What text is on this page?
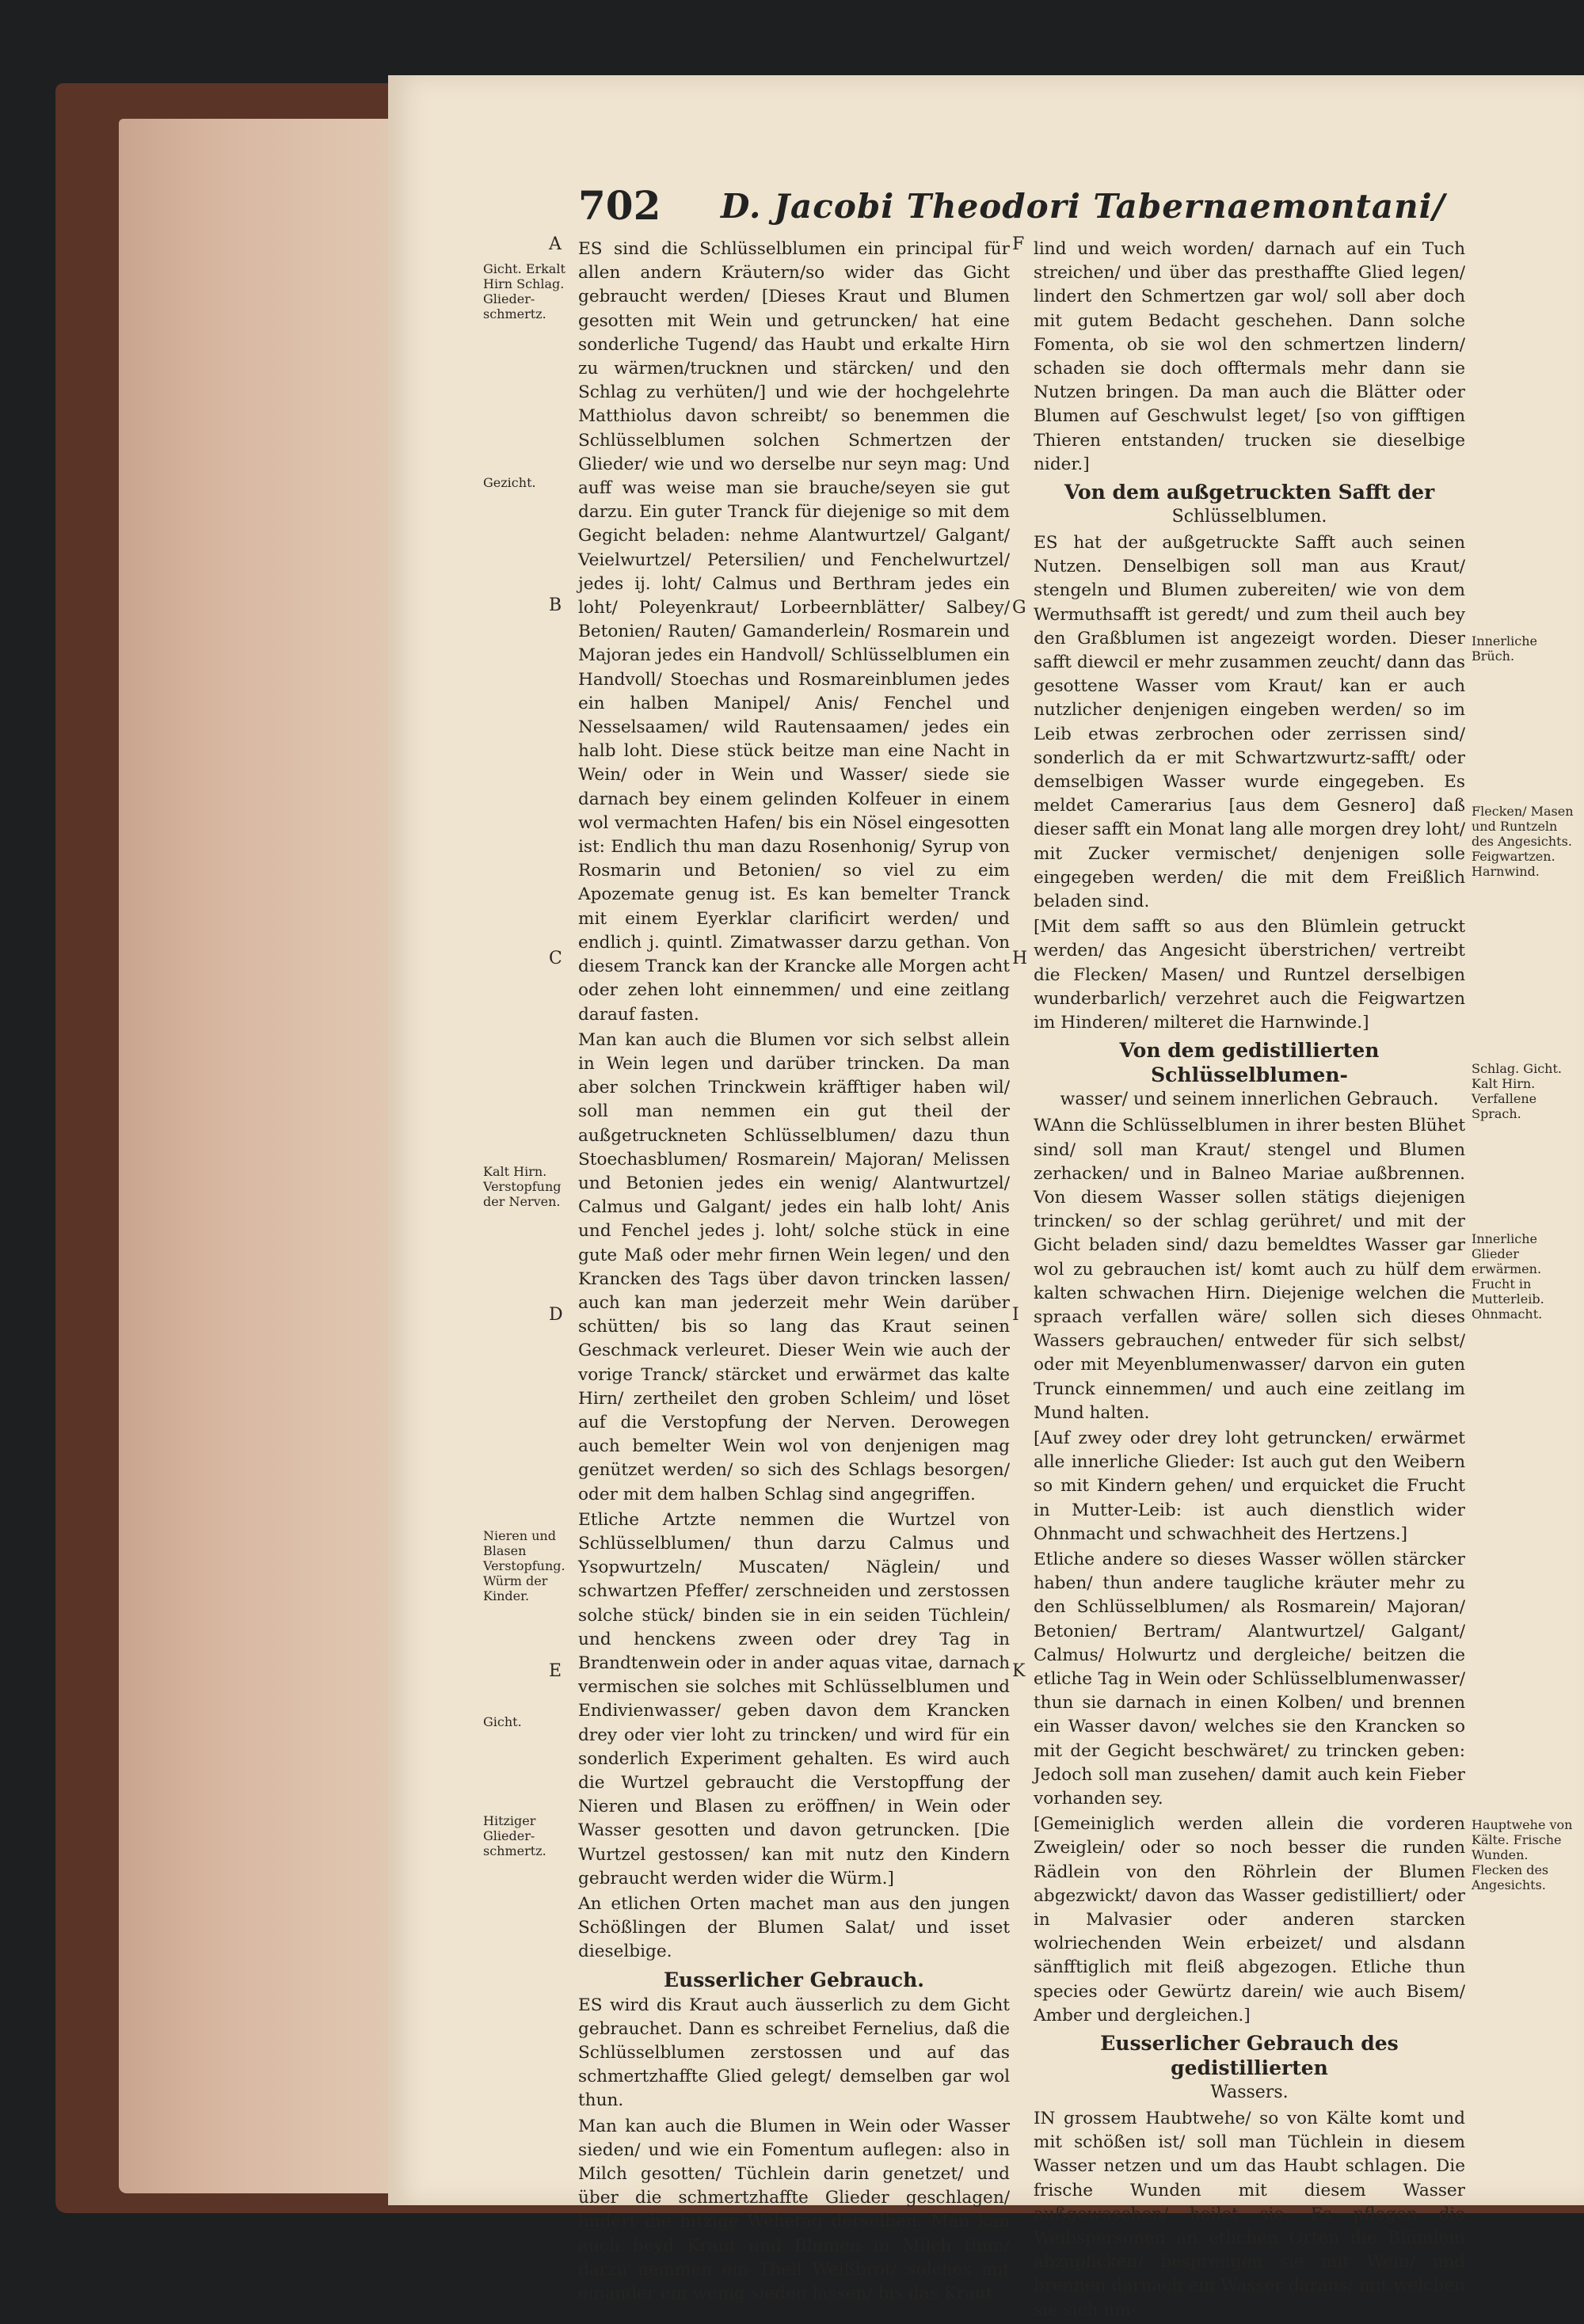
702 D. Jacobi Theodori Tabernaemontani/
A
B
C
D
E
F
G
H
I
K
Gicht. Erkalt Hirn Schlag. Glieder-schmertz.
Gezicht.
Kalt Hirn. Verstopfung der Nerven.
Nieren und Blasen Verstopfung. Würm der Kinder.
Gicht.
Hitziger Glieder-schmertz.
Innerliche Brüch.
Flecken/ Masen und Runtzeln des Angesichts. Feigwartzen. Harnwind.
Schlag. Gicht. Kalt Hirn. Verfallene Sprach.
Innerliche Glieder erwärmen. Frucht in Mutterleib. Ohnmacht.
Hauptwehe von Kälte. Frische Wunden. Flecken des Angesichts.

ES sind die Schlüsselblumen ein principal für allen andern Kräutern/so wider das Gicht gebraucht werden/ [Dieses Kraut und Blumen gesotten mit Wein und getruncken/ hat eine sonderliche Tugend/ das Haubt und erkalte Hirn zu wärmen/trucknen und stärcken/ und den Schlag zu verhüten/] und wie der hochgelehrte Matthiolus davon schreibt/ so benemmen die Schlüsselblumen solchen Schmertzen der Glieder/ wie und wo derselbe nur seyn mag: Und auff was weise man sie brauche/seyen sie gut darzu. Ein guter Tranck für diejenige so mit dem Gegicht beladen: nehme Alantwurtzel/ Galgant/ Veielwurtzel/ Petersilien/ und Fenchelwurtzel/ jedes ij. loht/ Calmus und Berthram jedes ein loht/ Poleyenkraut/ Lorbeernblätter/ Salbey/ Betonien/ Rauten/ Gamanderlein/ Rosmarein und Majoran jedes ein Handvoll/ Schlüsselblumen ein Handvoll/ Stoechas und Rosmareinblumen jedes ein halben Manipel/ Anis/ Fenchel und Nesselsaamen/ wild Rautensaamen/ jedes ein halb loht. Diese stück beitze man eine Nacht in Wein/ oder in Wein und Wasser/ siede sie darnach bey einem gelinden Kolfeuer in einem wol vermachten Hafen/ bis ein Nösel eingesotten ist: Endlich thu man dazu Rosenhonig/ Syrup von Rosmarin und Betonien/ so viel zu eim Apozemate genug ist. Es kan bemelter Tranck mit einem Eyerklar clarificirt werden/ und endlich j. quintl. Zimatwasser darzu gethan. Von diesem Tranck kan der Krancke alle Morgen acht oder zehen loht einnemmen/ und eine zeitlang darauf fasten.

Man kan auch die Blumen vor sich selbst allein in Wein legen und darüber trincken. Da man aber solchen Trinckwein kräfftiger haben wil/ soll man nemmen ein gut theil der außgetruckneten Schlüsselblumen/ dazu thun Stoechasblumen/ Rosmarein/ Majoran/ Melissen und Betonien jedes ein wenig/ Alantwurtzel/ Calmus und Galgant/ jedes ein halb loht/ Anis und Fenchel jedes j. loht/ solche stück in eine gute Maß oder mehr firnen Wein legen/ und den Krancken des Tags über davon trincken lassen/ auch kan man jederzeit mehr Wein darüber schütten/ bis so lang das Kraut seinen Geschmack verleuret. Dieser Wein wie auch der vorige Tranck/ stärcket und erwärmet das kalte Hirn/ zertheilet den groben Schleim/ und löset auf die Verstopfung der Nerven. Derowegen auch bemelter Wein wol von denjenigen mag genützet werden/ so sich des Schlags besorgen/ oder mit dem halben Schlag sind angegriffen.

Etliche Artzte nemmen die Wurtzel von Schlüsselblumen/ thun darzu Calmus und Ysopwurtzeln/ Muscaten/ Näglein/ und schwartzen Pfeffer/ zerschneiden und zerstossen solche stück/ binden sie in ein seiden Tüchlein/ und henckens zween oder drey Tag in Brandtenwein oder in ander aquas vitae, darnach vermischen sie solches mit Schlüsselblumen und Endivienwasser/ geben davon dem Krancken drey oder vier loht zu trincken/ und wird für ein sonderlich Experiment gehalten. Es wird auch die Wurtzel gebraucht die Verstopffung der Nieren und Blasen zu eröffnen/ in Wein oder Wasser gesotten und davon getruncken. [Die Wurtzel gestossen/ kan mit nutz den Kindern gebraucht werden wider die Würm.]

An etlichen Orten machet man aus den jungen Schößlingen der Blumen Salat/ und isset dieselbige.

Eusserlicher Gebrauch.

ES wird dis Kraut auch äusserlich zu dem Gicht gebrauchet. Dann es schreibet Fernelius, daß die Schlüsselblumen zerstossen und auf das schmertzhaffte Glied gelegt/ demselben gar wol thun.

Man kan auch die Blumen in Wein oder Wasser sieden/ und wie ein Fomentum auflegen: also in Milch gesotten/ Tüchlein darin genetzet/ und über die schmertzhaffte Glieder geschlagen/ lindert die hitzige Wehetag derselben. Man kan auch beyd Kraut und Blumen in Milch thun/ darzu nemmen ein Theil Weißbrot/ solches mit einander ein wenig sieden lassen/ bis das Kraut

lind und weich worden/ darnach auf ein Tuch streichen/ und über das presthaffte Glied legen/ lindert den Schmertzen gar wol/ soll aber doch mit gutem Bedacht geschehen. Dann solche Fomenta, ob sie wol den schmertzen lindern/ schaden sie doch offtermals mehr dann sie Nutzen bringen. Da man auch die Blätter oder Blumen auf Geschwulst leget/ [so von gifftigen Thieren entstanden/ trucken sie dieselbige nider.]

Von dem außgetruckten Safft der
Schlüsselblumen.

ES hat der außgetruckte Safft auch seinen Nutzen. Denselbigen soll man aus Kraut/ stengeln und Blumen zubereiten/ wie von dem Wermuthsafft ist geredt/ und zum theil auch bey den Graßblumen ist angezeigt worden. Dieser safft diewcil er mehr zusammen zeucht/ dann das gesottene Wasser vom Kraut/ kan er auch nutzlicher denjenigen eingeben werden/ so im Leib etwas zerbrochen oder zerrissen sind/ sonderlich da er mit Schwartzwurtz-safft/ oder demselbigen Wasser wurde eingegeben. Es meldet Camerarius [aus dem Gesnero] daß dieser safft ein Monat lang alle morgen drey loht/ mit Zucker vermischet/ denjenigen solle eingegeben werden/ die mit dem Freißlich beladen sind.

[Mit dem safft so aus den Blümlein getruckt werden/ das Angesicht überstrichen/ vertreibt die Flecken/ Masen/ und Runtzel derselbigen wunderbarlich/ verzehret auch die Feigwartzen im Hinderen/ milteret die Harnwinde.]

Von dem gedistillierten Schlüsselblumen-
wasser/ und seinem innerlichen Gebrauch.

WAnn die Schlüsselblumen in ihrer besten Blühet sind/ soll man Kraut/ stengel und Blumen zerhacken/ und in Balneo Mariae außbrennen. Von diesem Wasser sollen stätigs diejenigen trincken/ so der schlag gerühret/ und mit der Gicht beladen sind/ dazu bemeldtes Wasser gar wol zu gebrauchen ist/ komt auch zu hülf dem kalten schwachen Hirn. Diejenige welchen die spraach verfallen wäre/ sollen sich dieses Wassers gebrauchen/ entweder für sich selbst/ oder mit Meyenblumenwasser/ darvon ein guten Trunck einnemmen/ und auch eine zeitlang im Mund halten.

[Auf zwey oder drey loht getruncken/ erwärmet alle innerliche Glieder: Ist auch gut den Weibern so mit Kindern gehen/ und erquicket die Frucht in Mutter-Leib: ist auch dienstlich wider Ohnmacht und schwachheit des Hertzens.]

Etliche andere so dieses Wasser wöllen stärcker haben/ thun andere taugliche kräuter mehr zu den Schlüsselblumen/ als Rosmarein/ Majoran/ Betonien/ Bertram/ Alantwurtzel/ Galgant/ Calmus/ Holwurtz und dergleiche/ beitzen die etliche Tag in Wein oder Schlüsselblumenwasser/ thun sie darnach in einen Kolben/ und brennen ein Wasser davon/ welches sie den Krancken so mit der Gegicht beschwäret/ zu trincken geben: Jedoch soll man zusehen/ damit auch kein Fieber vorhanden sey.

[Gemeiniglich werden allein die vorderen Zweiglein/ oder so noch besser die runden Rädlein von den Röhrlein der Blumen abgezwickt/ davon das Wasser gedistilliert/ oder in Malvasier oder anderen starcken wolriechenden Wein erbeizet/ und alsdann sänfftiglich mit fleiß abgezogen. Etliche thun species oder Gewürtz darein/ wie auch Bisem/ Amber und dergleichen.]

Eusserlicher Gebrauch des gedistillierten
Wassers.

IN grossem Haubtwehe/ so von Kälte komt und mit schößen ist/ soll man Tüchlein in diesem Wasser netzen und um das Haubt schlagen. Die frische Wunden mit diesem Wasser außgewaschen/ heilet sie. Es pflegen die Weibspersonen an etlichen Orten die Blümlein abzuplicken/ besprengen sie mit Wein/ und brennen darnach ein Wasser daraus/ mit welchen sie sich um-
